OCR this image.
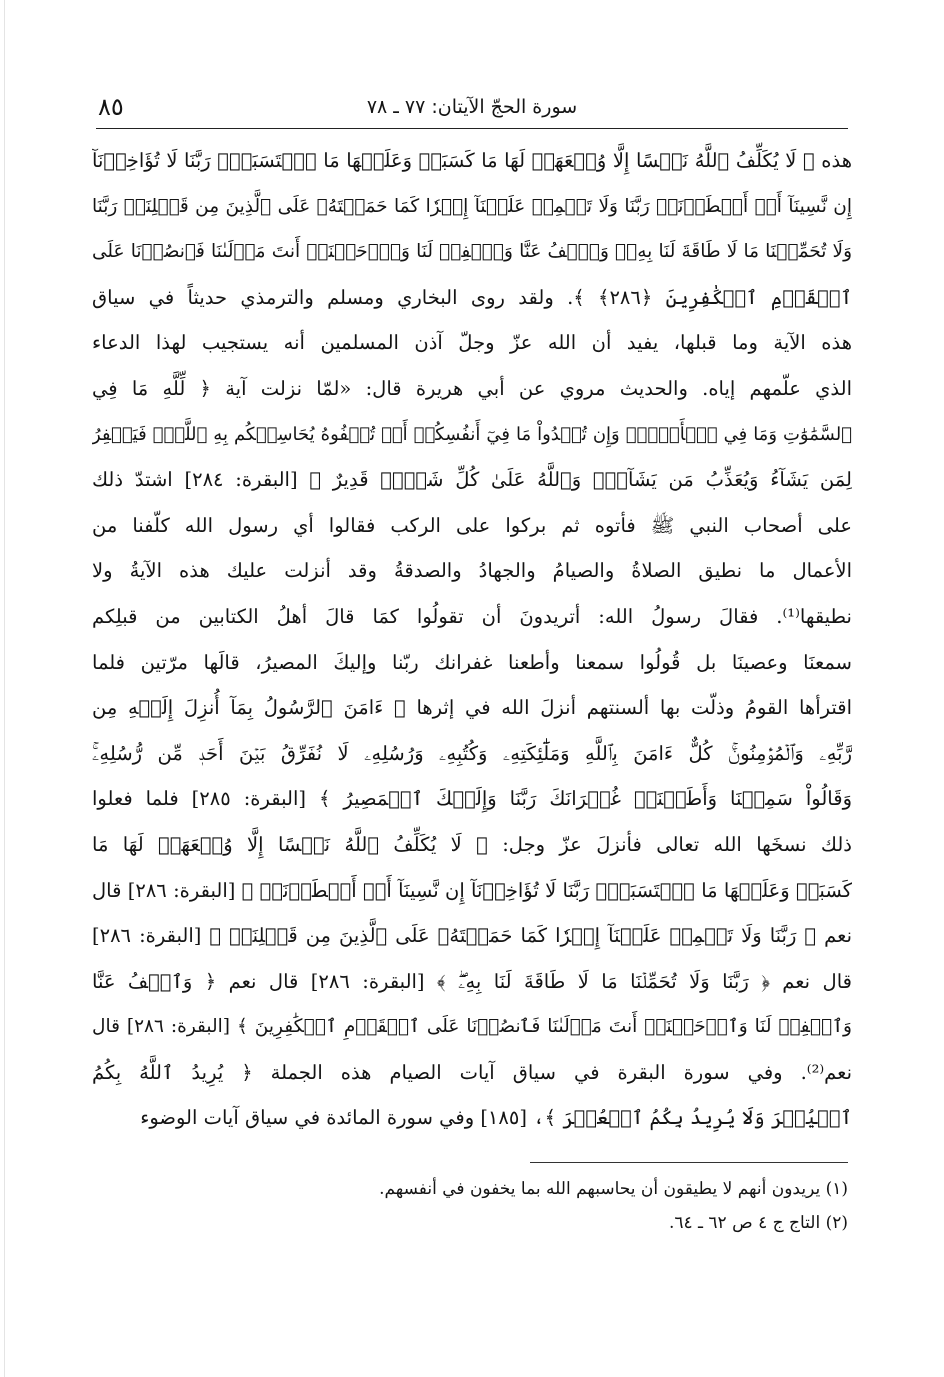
٨٥	سورة الحجّ الآيتان: ٧٧ ـ ٧٨
هذه ﴿ لَا يُكَلِّفُ ٱللَّهُ نَفۡسًا إِلَّا وُسۡعَهَاۚ لَهَا مَا كَسَبَتۡ وَعَلَيۡهَا مَا ٱكۡتَسَبَتۡۗ رَبَّنَا لَا تُؤَاخِذۡنَآ
إِن نَّسِينَآ أَوۡ أَخۡطَأۡنَاۚ رَبَّنَا وَلَا تَحۡمِلۡ عَلَيۡنَآ إِصۡرٗا كَمَا حَمَلۡتَهُۥ عَلَى ٱلَّذِينَ مِن قَبۡلِنَاۚ رَبَّنَا
وَلَا تُحَمِّلۡنَا مَا لَا طَاقَةَ لَنَا بِهِۦۖ وَٱعۡفُ عَنَّا وَٱغۡفِرۡ لَنَا وَٱرۡحَمۡنَآۚ أَنتَ مَوۡلَىٰنَا فَٱنصُرۡنَا عَلَى
ٱلۡقَوۡمِ ٱلۡكَٰفِرِينَ ﴿٢٨٦﴾ ﴾. ولقد روى البخاري ومسلم والترمذي حديثاً في سياق
هذه الآية وما قبلها، يفيد أن الله عزّ وجلّ آذن المسلمين أنه يستجيب لهذا الدعاء
الذي علّمهم إياه. والحديث مروي عن أبي هريرة قال: «لمّا نزلت آية ﴿ لِّلَّهِ مَا فِي
ٱلسَّمَٰوَٰتِ وَمَا فِي ٱلۡأَرۡضِۗ وَإِن تُبۡدُواْ مَا فِيٓ أَنفُسِكُمۡ أَوۡ تُخۡفُوهُ يُحَاسِبۡكُم بِهِ ٱللَّهُۖ فَيَغۡفِرُ
لِمَن يَشَآءُ وَيُعَذِّبُ مَن يَشَآءُۗ وَٱللَّهُ عَلَىٰ كُلِّ شَيۡءٖ قَدِيرٌ ﴾ [البقرة: ٢٨٤] اشتدّ ذلك
على أصحاب النبي ﷺ فأتوه ثم بركوا على الركب فقالوا أي رسول الله كلّفنا من
الأعمال ما نطيق الصلاةُ والصيامُ والجهادُ والصدقةُ وقد أنزلت عليك هذه الآيةُ ولا
نطيقها⁽¹⁾. فقالَ رسولُ الله: أتريدونَ أن تقولُوا كمَا قالَ أهلُ الكتابين من قبلِكم
سمعنَا وعصينَا بل قُولُوا سمعنا وأطعنا غفرانك ربّنا وإليكَ المصيرُ، قالَها مرّتين فلما
اقترأها القومُ وذلّت بها ألسنتهم أنزلَ الله في إثرها ﴿ ءَامَنَ ٱلرَّسُولُ بِمَآ أُنزِلَ إِلَيۡهِ مِن
رَّبِّهِۦ وَٱلۡمُؤۡمِنُونَۚ كُلٌّ ءَامَنَ بِٱللَّهِ وَمَلَٰٓئِكَتِهِۦ وَكُتُبِهِۦ وَرُسُلِهِۦ لَا نُفَرِّقُ بَيۡنَ أَحَدٖ مِّن رُّسُلِهِۦۚ
وَقَالُواْ سَمِعۡنَا وَأَطَعۡنَاۖ غُفۡرَانَكَ رَبَّنَا وَإِلَيۡكَ ٱلۡمَصِيرُ ﴾ [البقرة: ٢٨٥] فلما فعلوا
ذلك نسخَها الله تعالى فأنزلَ عزّ وجل: ﴿ لَا يُكَلِّفُ ٱللَّهُ نَفۡسًا إِلَّا وُسۡعَهَاۚ لَهَا مَا
كَسَبَتۡ وَعَلَيۡهَا مَا ٱكۡتَسَبَتۡۗ رَبَّنَا لَا تُؤَاخِذۡنَآ إِن نَّسِينَآ أَوۡ أَخۡطَأۡنَاۚ ﴾ [البقرة: ٢٨٦] قال
نعم ﴿ رَبَّنَا وَلَا تَحۡمِلۡ عَلَيۡنَآ إِصۡرٗا كَمَا حَمَلۡتَهُۥ عَلَى ٱلَّذِينَ مِن قَبۡلِنَاۚ ﴾ [البقرة: ٢٨٦]
قال نعم ﴿ رَبَّنَا وَلَا تُحَمِّلۡنَا مَا لَا طَاقَةَ لَنَا بِهِۦۖ ﴾ [البقرة: ٢٨٦] قال نعم ﴿ وَٱعۡفُ عَنَّا
وَٱغۡفِرۡ لَنَا وَٱرۡحَمۡنَآۚ أَنتَ مَوۡلَىٰنَا فَٱنصُرۡنَا عَلَى ٱلۡقَوۡمِ ٱلۡكَٰفِرِينَ ﴾ [البقرة: ٢٨٦] قال
نعم⁽²⁾. وفي سورة البقرة في سياق آيات الصيام هذه الجملة ﴿ يُرِيدُ ٱللَّهُ بِكُمُ
ٱلۡيُسۡرَ وَلَا يُرِيدُ بِكُمُ ٱلۡعُسۡرَ ﴾، [١٨٥] وفي سورة المائدة في سياق آيات الوضوء
(١) يريدون أنهم لا يطيقون أن يحاسبهم الله بما يخفون في أنفسهم.
(٢) التاج ج ٤ ص ٦٢ ـ ٦٤.
